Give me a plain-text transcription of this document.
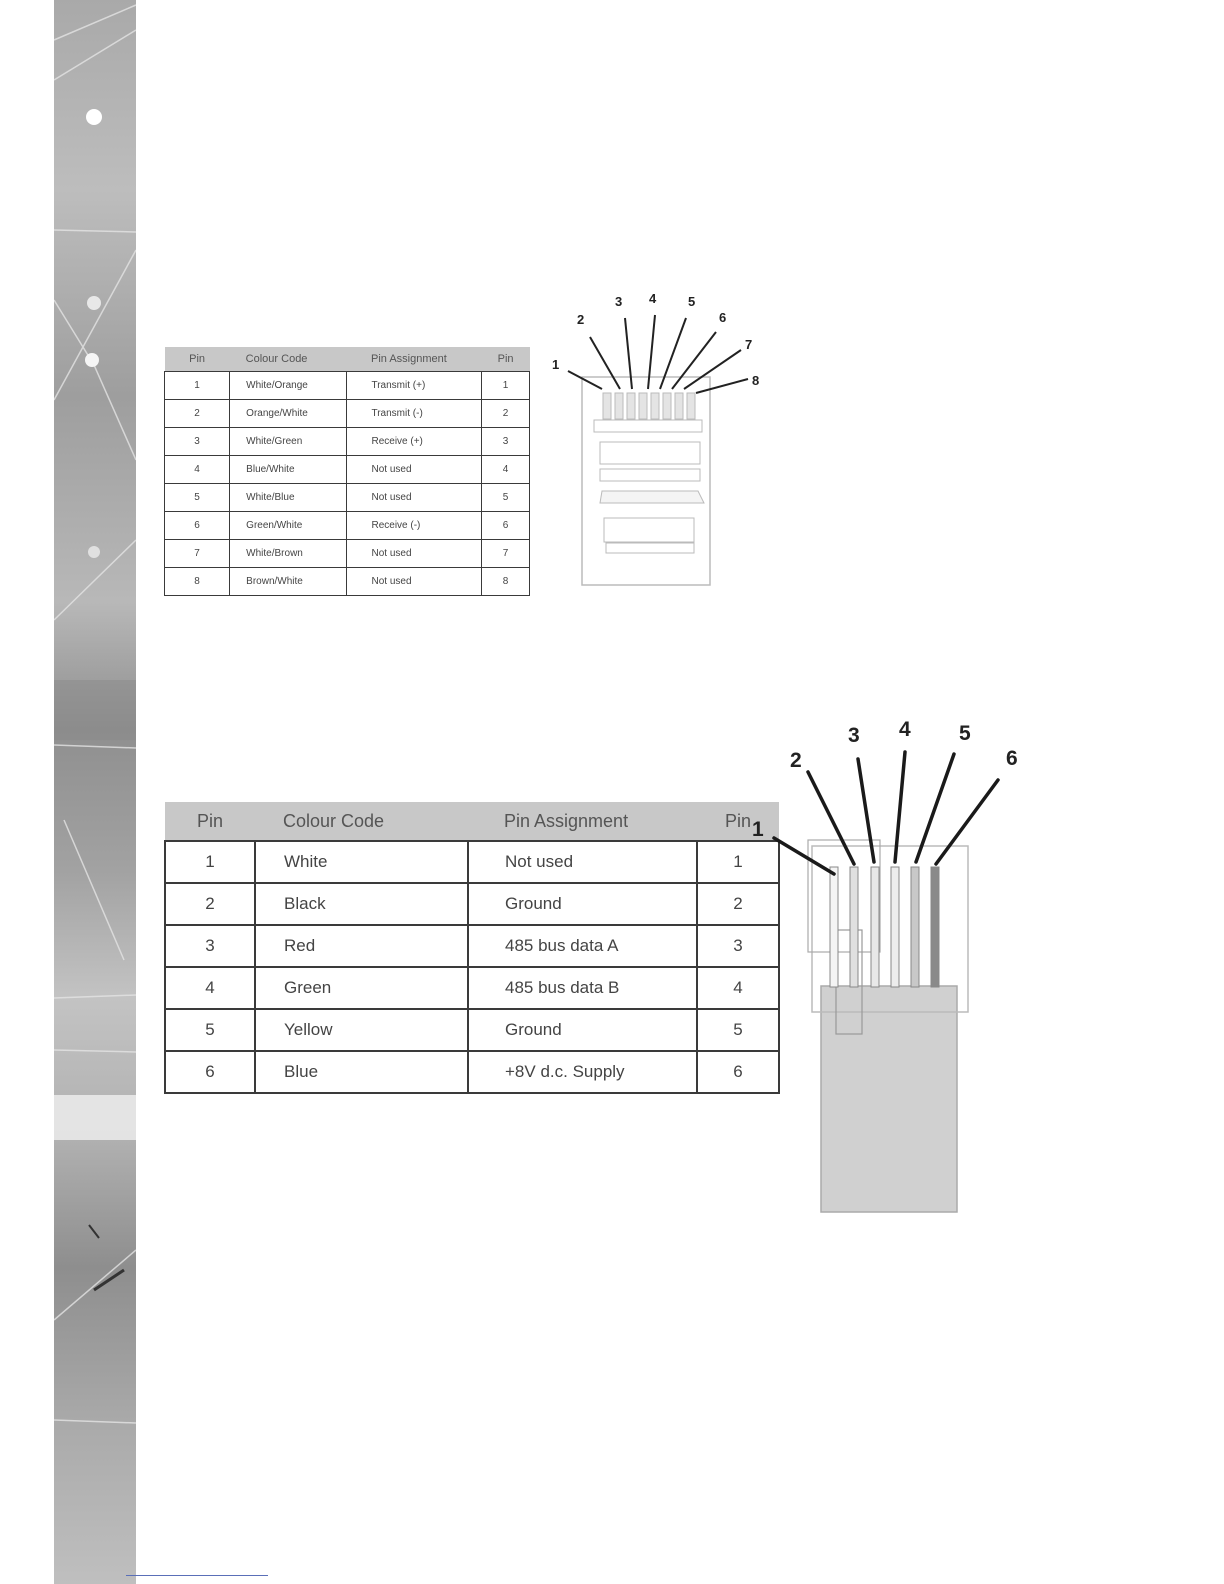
Pin	Colour Code	Pin Assignment	Pin
1	White/Orange	Transmit (+)	1
2	Orange/White	Transmit (-)	2
3	White/Green	Receive (+)	3
4	Blue/White	Not used	4
5	White/Blue	Not used	5
6	Green/White	Receive (-)	6
7	White/Brown	Not used	7
8	Brown/White	Not used	8
1
2
3 4 5
6
7
8
Pin	Colour Code	Pin Assignment	Pin
1	White	Not used	1
2	Black	Ground	2
3	Red	485 bus data A	3
4	Green	485 bus data B	4
5	Yellow	Ground	5
6	Blue	+8V d.c. Supply	6
1
2
3 4 5
6
